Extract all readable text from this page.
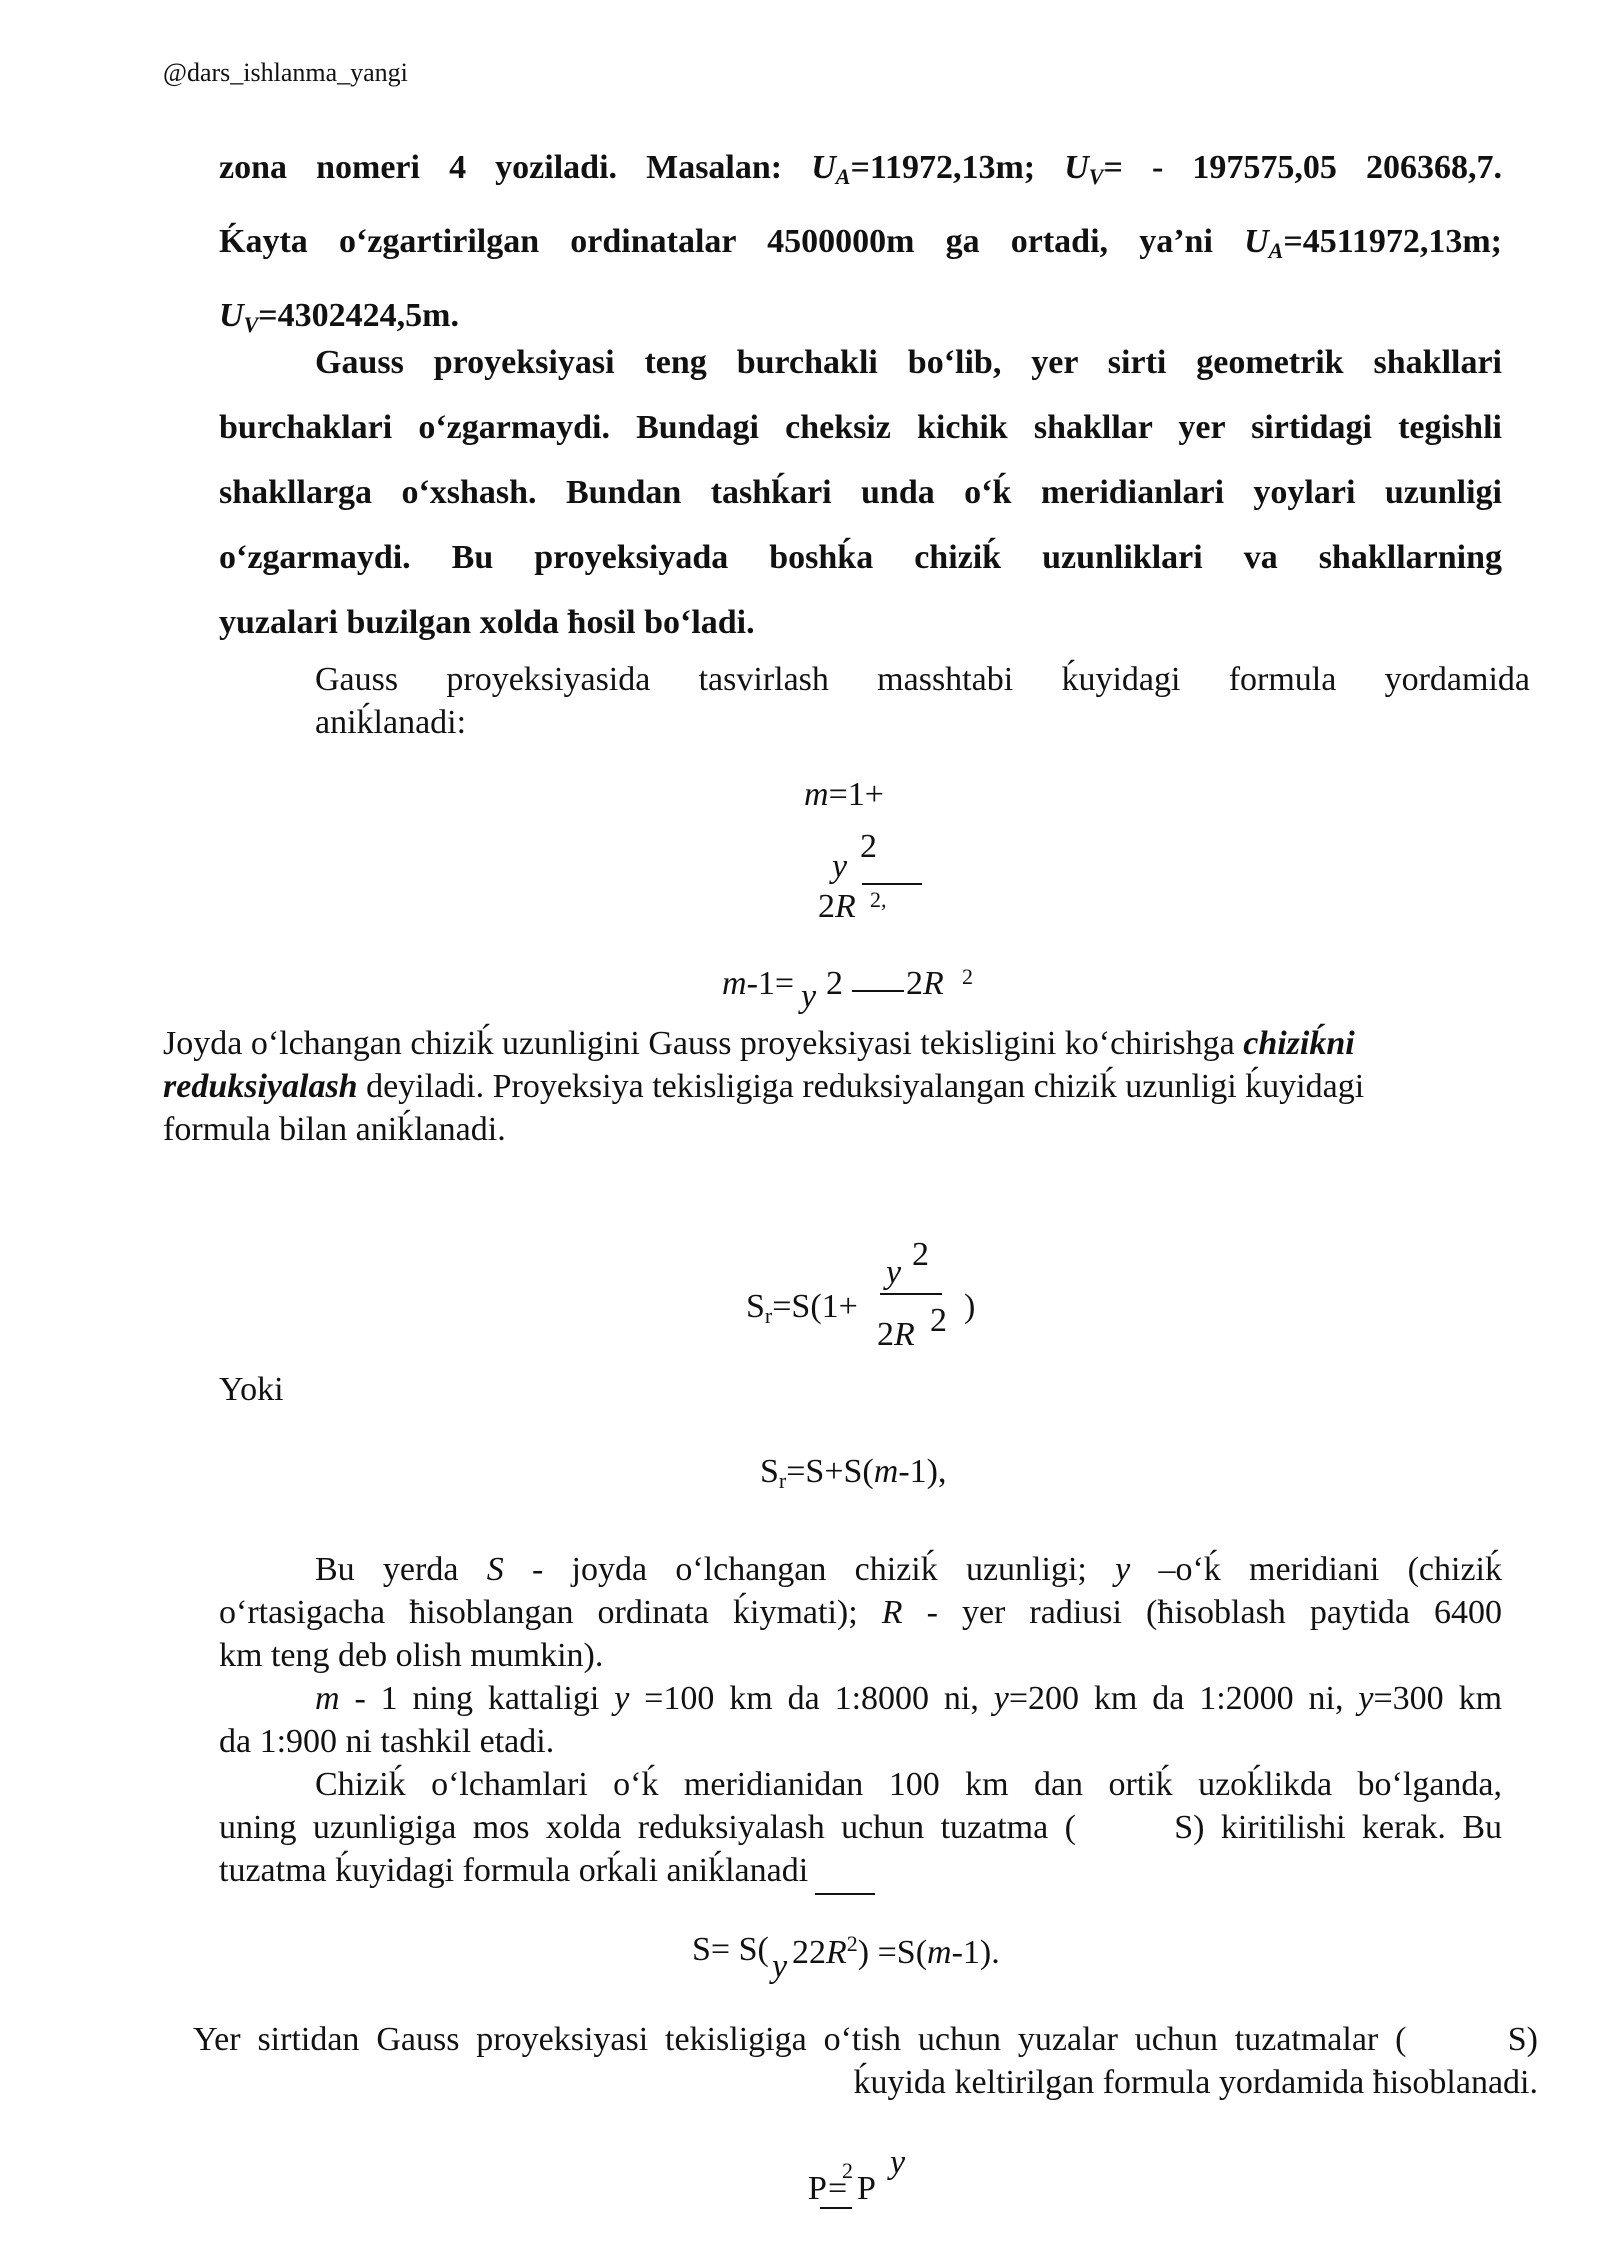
@dars_ishlanma_yangi

zona nomeri 4 yoziladi. Masalan: $U_A=11972,13m$; $U_V= - 197575,05$ 206368,7.

Ḱayta o‘zgartirilgan ordinatalar 4500000m ga ortadi, ya’ni $U_A=4511972,13m$;

$U_V=4302424,5m$.

Gauss proyeksiyasi teng burchakli bo‘lib, yer sirti geometrik shakllari

burchaklari o‘zgarmaydi. Bundagi cheksiz kichik shakllar yer sirtidagi tegishli

shakllarga o‘xshash. Bundan tashḱari unda o‘ḱ meridianlari yoylari uzunligi

o‘zgarmaydi. Bu proyeksiyada boshḱa chiziḱ uzunliklari va shakllarning

yuzalari buzilgan xolda ħosil bo‘ladi.

Gauss proyeksiyasida tasvirlash masshtabi ḱuyidagi formula yordamida

aniḱlanadi:

m=1+
y
2
2R 2,
m-1= y 2 2R 2

Joyda o‘lchangan chiziḱ uzunligini Gauss proyeksiyasi tekisligini ko‘chirishga chiziḱni

reduksiyalash deyiladi. Proyeksiya tekisligiga reduksiyalangan chiziḱ uzunligi ḱuyidagi

formula bilan aniḱlanadi.

$S_r=S(1+$
y 2
2R 2 )
Yoki
$S_r=S+S(m-1)$,

Bu yerda S - joyda o‘lchangan chiziḱ uzunligi; y –o‘ḱ meridiani (chiziḱ

o‘rtasigacha ħisoblangan ordinata ḱiymati); R - yer radiusi (ħisoblash paytida 6400

km teng deb olish mumkin).

m - 1 ning kattaligi y =100 km da 1:8000 ni, y=200 km da 1:2000 ni, y=300 km

da 1:900 ni tashkil etadi.

Chiziḱ o‘lchamlari o‘ḱ meridianidan 100 km dan ortiḱ uzoḱlikda bo‘lganda,

uning uzunligiga mos xolda reduksiyalash uchun tuzatma (      S) kiritilishi kerak. Bu

tuzatma ḱuyidagi formula orḱali aniḱlanadi

S= S( y $22R^2) =S(m-1)$.

Yer sirtidan Gauss proyeksiyasi tekisligiga o‘tish uchun yuzalar uchun tuzatmalar (      S)

ḱuyida keltirilgan formula yordamida ħisoblanadi.

P =
2 P
y
